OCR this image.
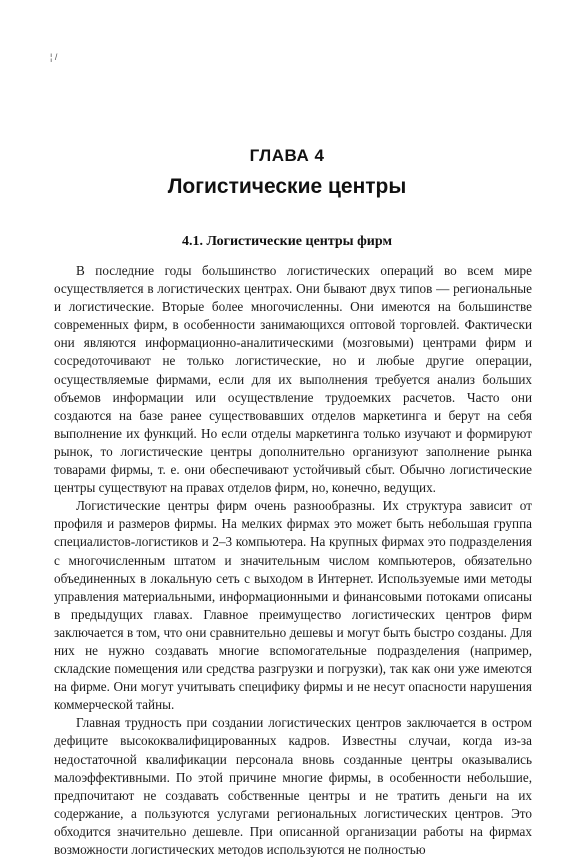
¦ /
ГЛАВА 4
Логистические центры
4.1. Логистические центры фирм

В последние годы большинство логистических операций во всем мире осуществляется в логистических центрах. Они бывают двух типов — региональные и логистические. Вторые более многочисленны. Они имеются на большинстве современных фирм, в особенности занимающихся оптовой торговлей. Фактически они являются информационно-аналитическими (мозговыми) центрами фирм и сосредоточивают не только логистические, но и любые другие операции, осуществляемые фирмами, если для их выполнения требуется анализ больших объемов информации или осуществление трудоемких расчетов. Часто они создаются на базе ранее существовавших отделов маркетинга и берут на себя выполнение их функций. Но если отделы маркетинга только изучают и формируют рынок, то логистические центры дополнительно организуют заполнение рынка товарами фирмы, т. е. они обеспечивают устойчивый сбыт. Обычно логистические центры существуют на правах отделов фирм, но, конечно, ведущих.

Логистические центры фирм очень разнообразны. Их структура зависит от профиля и размеров фирмы. На мелких фирмах это может быть небольшая группа специалистов-логистиков и 2–3 компьютера. На крупных фирмах это подразделения с многочисленным штатом и значительным числом компьютеров, обязательно объединенных в локальную сеть с выходом в Интернет. Используемые ими методы управления материальными, информационными и финансовыми потоками описаны в предыдущих главах. Главное преимущество логистических центров фирм заключается в том, что они сравнительно дешевы и могут быть быстро созданы. Для них не нужно создавать многие вспомогательные подразделения (например, складские помещения или средства разгрузки и погрузки), так как они уже имеются на фирме. Они могут учитывать специфику фирмы и не несут опасности нарушения коммерческой тайны.

Главная трудность при создании логистических центров заключается в остром дефиците высококвалифицированных кадров. Известны случаи, когда из-за недостаточной квалификации персонала вновь созданные центры оказывались малоэффективными. По этой причине многие фирмы, в особенности небольшие, предпочитают не создавать собственные центры и не тратить деньги на их содержание, а пользуются услугами региональных логистических центров. Это обходится значительно дешевле. При описанной организации работы на фирмах возможности логистических методов используются не полностью
